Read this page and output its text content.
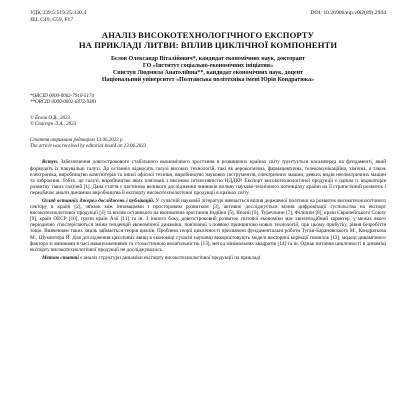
УДК 339.5:519.25:330.4
JEL C49, C59, F17
DOI: 10.26906/eip.v0i2(89).2944
АНАЛІЗ ВИСОКОТЕХНОЛОГІЧНОГО ЕКСПОРТУ
НА ПРИКЛАДІ ЛИТВИ: ВПЛИВ ЦИКЛІЧНОЇ КОМПОНЕНТИ
Бєлов Олександр Віталійович*, кандидат економічних наук, докторант
ГО «Інститут соціально-економічних ініціатив»
Свистун Людмила Анатоліївна**, кандидат економічних наук, доцент
Національний університет «Полтавська політехніка імені Юрія Кондратюка»
*ORCID 0000-0002-7910-5174
**ORCID 0000-0002-6472-9381
© Бєлов О.В., 2023
© Свистун Л.А., 2023
Стаття отримана редакцією 13.06.2023 р.
The article was received by editorial board on 13.06.2023

Вступ. Забезпечення довгострокового стабільного економічного зростання в розвинених країнах світу ґрунтується насамперед на фундаменті, який формують їх пакувальні галузі. До останніх відносять галузі високих технологій, такі як аерокосмічна, фармацевтична, телекомунікаційна, хімічна, а також електроніка, виробництво комп'ютерів та іншої офісної техніки, виробництво наукових інструментів, електричних машин, деяких видів неелектричних машин та озброєння. Тобто, це галузі, виробництво яких пов'язані з високою інтенсивністю НДДКР. Експорт високотехнологічної продукції є одним із індикаторів розвитку таких галузей [1]. Дана стаття є частиною великого дослідження чинників впливу науково-технічного потенціалу країни на її стратегічний розвиток і передбачає аналіз динаміки виробництва й експорту високотехнологічної продукції в країнах світу.

Огляд останніх джерел досліджень і публікацій. У сучасній науковій літературі вивчається вплив державної політики на розвиток високотехнологічного сектору в країні [2], зв'язок між інноваціями і просторовим розвитком [3], активно досліджується вплив цифровізації суспільства на експорт високотехнологічної продукції [4] та вплив останнього на економічне зростання Індійки [5], Японії [6], Туреччини [7], Філіппін [8], країн Європейського Союзу [9], країн ОЕСР [10], групи країн Азії [11] та ін. З іншого боку, довгостроковий розвиток світової економіки має хвилеподібний характер, у межах якого періодично спостерігаються зміни тенденцій економічної динаміки, пов'язаної з появою принципово нових технологій, при цьому прибутку, рівня безробіття тощо. Вивченням таких хвиль займається теорія циклів. Проблемі теорії циклічності присвячені фундаментальні роботи Туган-Барановського М., Кондратьєва М., Шумпетера Й. Для дослідження циклічних явищ в економіці сучасні науковці використовують моделі векторної корекції помилок [12], моделі динамічного фактора зі змінними в часі навантаженнями та стохастичною волатильністю [13], метод мінімальних квадратів [14] та ін. Однак питання циклічності в динаміці експорту високотехнологічної продукції не досліджувалось.

Метою статті є аналіз структури динаміки експорту високотехнологічної продукції на прикладі
